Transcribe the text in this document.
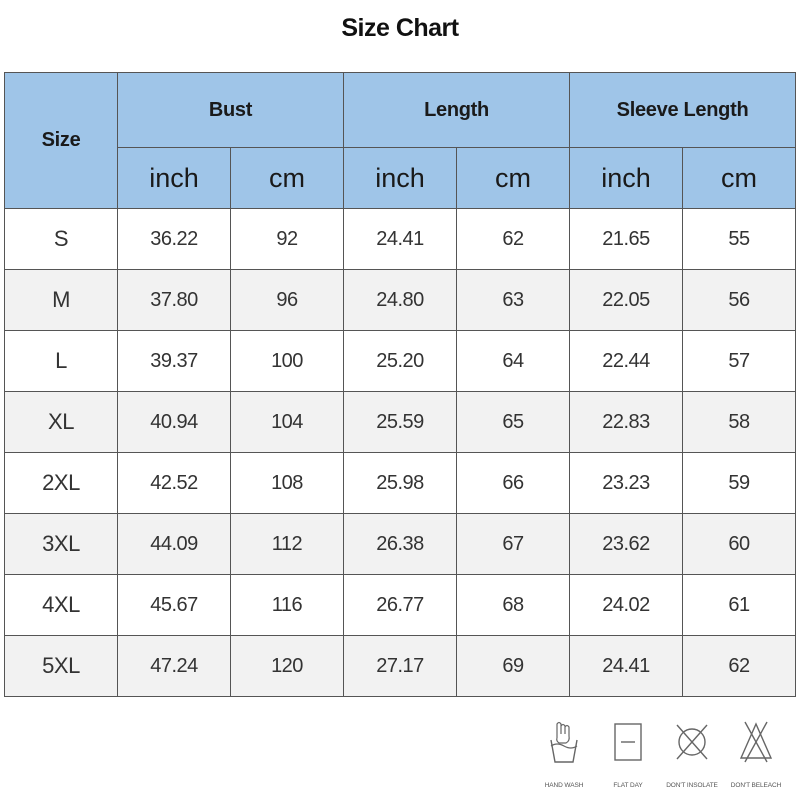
Size Chart
Size	Bust		Length		Sleeve Length	
	inch	cm	inch	cm	inch	cm
S	36.22	92	24.41	62	21.65	55
M	37.80	96	24.80	63	22.05	56
L	39.37	100	25.20	64	22.44	57
XL	40.94	104	25.59	65	22.83	58
2XL	42.52	108	25.98	66	23.23	59
3XL	44.09	112	26.38	67	23.62	60
4XL	45.67	116	26.77	68	24.02	61
5XL	47.24	120	27.17	69	24.41	62
HAND WASH	FLAT DAY	DON'T INSOLATE DON'T BELEACH
